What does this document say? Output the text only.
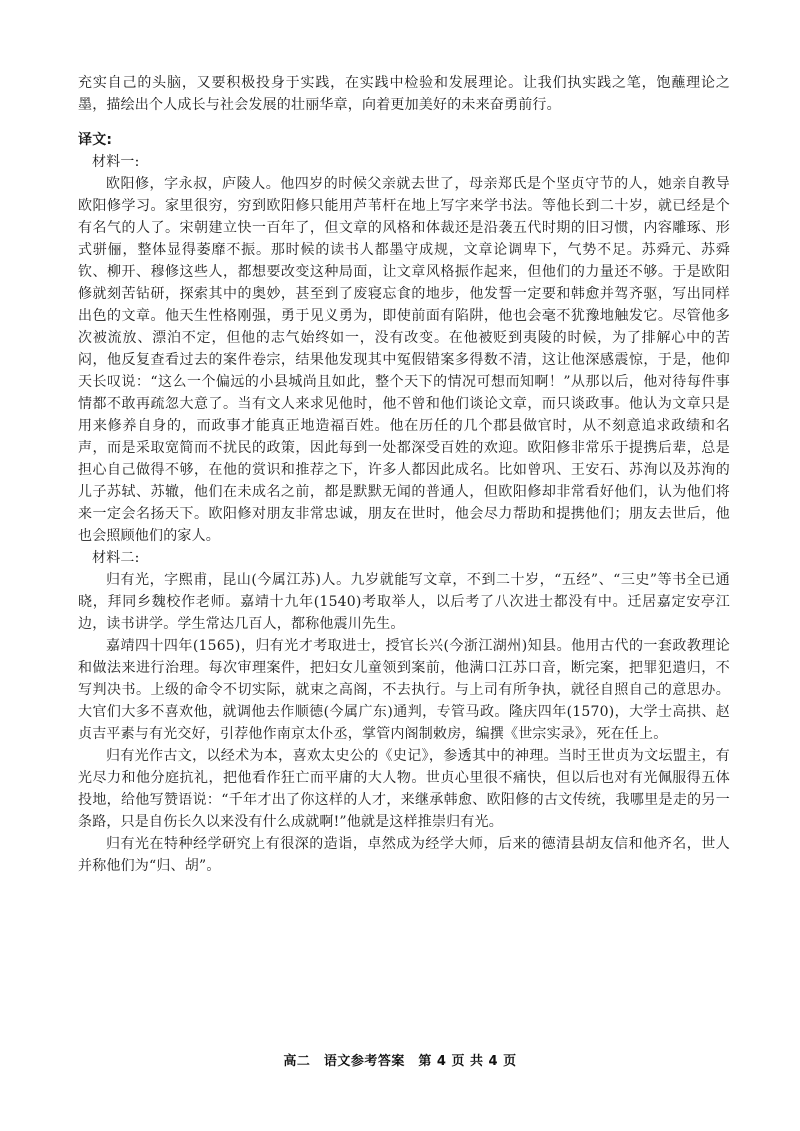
充实自己的头脑，又要积极投身于实践，在实践中检验和发展理论。让我们执实践之笔，饱蘸理论之墨，描绘出个人成长与社会发展的壮丽华章，向着更加美好的未来奋勇前行。

译文:

材料一:

欧阳修，字永叔，庐陵人。他四岁的时候父亲就去世了，母亲郑氏是个坚贞守节的人，她亲自教导欧阳修学习。家里很穷，穷到欧阳修只能用芦苇杆在地上写字来学书法。等他长到二十岁，就已经是个有名气的人了。宋朝建立快一百年了，但文章的风格和体裁还是沿袭五代时期的旧习惯，内容雕琢、形式骈俪，整体显得萎靡不振。那时候的读书人都墨守成规，文章论调卑下，气势不足。苏舜元、苏舜钦、柳开、穆修这些人，都想要改变这种局面，让文章风格振作起来，但他们的力量还不够。于是欧阳修就刻苦钻研，探索其中的奥妙，甚至到了废寝忘食的地步，他发誓一定要和韩愈并驾齐驱，写出同样出色的文章。他天生性格刚强，勇于见义勇为，即使前面有陷阱，他也会毫不犹豫地触发它。尽管他多次被流放、漂泊不定，但他的志气始终如一，没有改变。在他被贬到夷陵的时候，为了排解心中的苦闷，他反复查看过去的案件卷宗，结果他发现其中冤假错案多得数不清，这让他深感震惊，于是，他仰天长叹说：“这么一个偏远的小县城尚且如此，整个天下的情况可想而知啊！”从那以后，他对待每件事情都不敢再疏忽大意了。当有文人来求见他时，他不曾和他们谈论文章，而只谈政事。他认为文章只是用来修养自身的，而政事才能真正地造福百姓。他在历任的几个郡县做官时，从不刻意追求政绩和名声，而是采取宽简而不扰民的政策，因此每到一处都深受百姓的欢迎。欧阳修非常乐于提携后辈，总是担心自己做得不够，在他的赏识和推荐之下，许多人都因此成名。比如曾巩、王安石、苏洵以及苏洵的儿子苏轼、苏辙，他们在未成名之前，都是默默无闻的普通人，但欧阳修却非常看好他们，认为他们将来一定会名扬天下。欧阳修对朋友非常忠诚，朋友在世时，他会尽力帮助和提携他们；朋友去世后，他也会照顾他们的家人。

材料二:

归有光，字熙甫，昆山(今属江苏)人。九岁就能写文章，不到二十岁，“五经”、“三史”等书全已通晓，拜同乡魏校作老师。嘉靖十九年(1540)考取举人，以后考了八次进士都没有中。迁居嘉定安亭江边，读书讲学。学生常达几百人，都称他震川先生。

嘉靖四十四年(1565)，归有光才考取进士，授官长兴(今浙江湖州)知县。他用古代的一套政教理论和做法来进行治理。每次审理案件，把妇女儿童领到案前，他满口江苏口音，断完案，把罪犯遣归，不写判决书。上级的命令不切实际，就束之高阁，不去执行。与上司有所争执，就径自照自己的意思办。大官们大多不喜欢他，就调他去作顺德(今属广东)通判，专管马政。隆庆四年(1570)，大学士高拱、赵贞吉平素与有光交好，引荐他作南京太仆丞，掌管内阁制敕房，编撰《世宗实录》，死在任上。

归有光作古文，以经术为本，喜欢太史公的《史记》，参透其中的神理。当时王世贞为文坛盟主，有光尽力和他分庭抗礼，把他看作狂亡而平庸的大人物。世贞心里很不痛快，但以后也对有光佩服得五体投地，给他写赞语说：“千年才出了你这样的人才，来继承韩愈、欧阳修的古文传统，我哪里是走的另一条路，只是自伤长久以来没有什么成就啊!”他就是这样推崇归有光。

归有光在特种经学研究上有很深的造诣，卓然成为经学大师，后来的德清县胡友信和他齐名，世人并称他们为“归、胡”。

高二　语文参考答案　第 4 页 共 4 页
